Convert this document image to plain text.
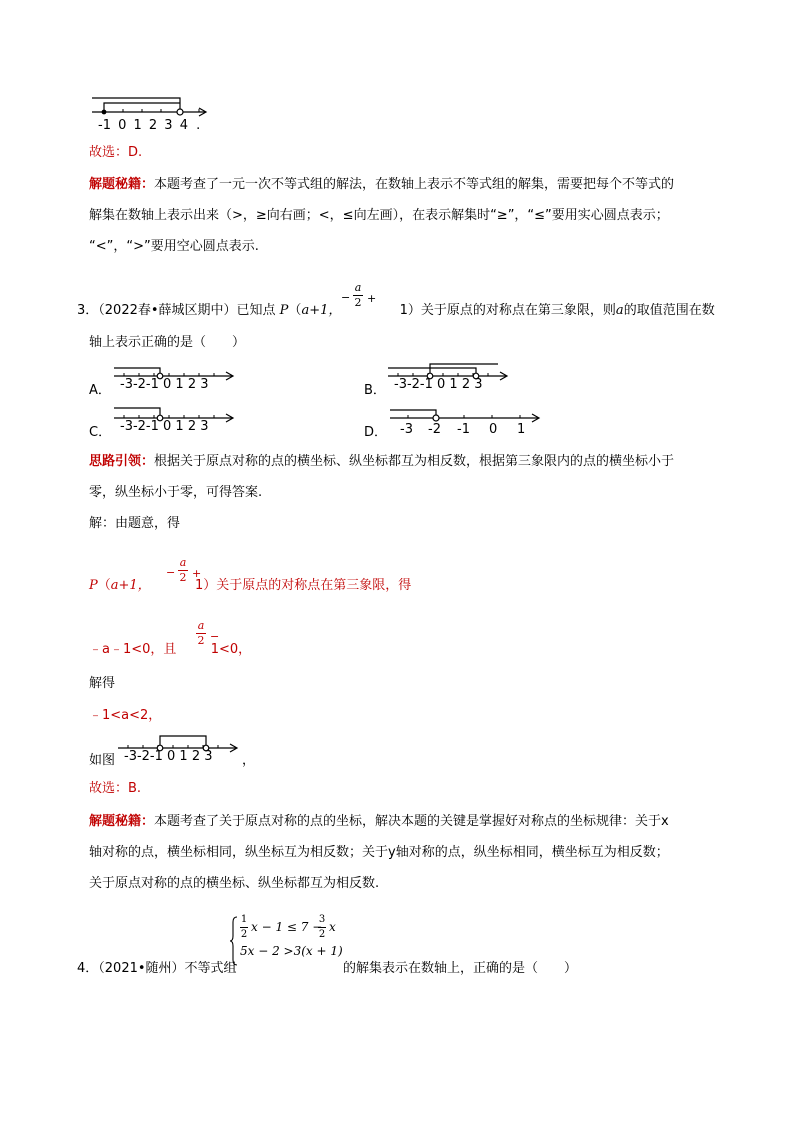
-1 0 1 2 3 4 .
故选：D.
解题秘籍：本题考查了一元一次不等式组的解法，在数轴上表示不等式组的解集，需要把每个不等式的
解集在数轴上表示出来（>，≥向右画；<，≤向左画），在表示解集时“≥”，“≤”要用实心圆点表示；
“<”，“>”要用空心圆点表示.
3．（2022春•薛城区期中）已知点 P（a+1，	1）关于原点的对称点在第三象限，则a的取值范围在数
−
a
2 +
轴上表示正确的是（　　）
A． -3-2-1 0 1 2 3	B． -3-2-1 0 1 2 3
C． -3-2-1 0 1 2 3	D． -3 -2 -1 0 1
思路引领：根据关于原点对称的点的横坐标、纵坐标都互为相反数，根据第三象限内的点的横坐标小于
零，纵坐标小于零，可得答案.
解：由题意，得
P（a+1，	1）关于原点的对称点在第三象限，得
−
a
2 +
﹣a﹣1<0，且	1<0，
a
2 −
解得
﹣1<a<2，
如图 -3-2-1 0 1 2 3 ，
故选：B.
解题秘籍：本题考查了关于原点对称的点的坐标，解决本题的关键是掌握好对称点的坐标规律：关于x
轴对称的点，横坐标相同，纵坐标互为相反数；关于y轴对称的点，纵坐标相同，横坐标互为相反数；
关于原点对称的点的横坐标、纵坐标都互为相反数.
4．（2021•随州）不等式组
1
2
x − 1 ≤ 7 −
3
2
x
5x − 2 >3(x + 1)
的解集表示在数轴上，正确的是（　　）
